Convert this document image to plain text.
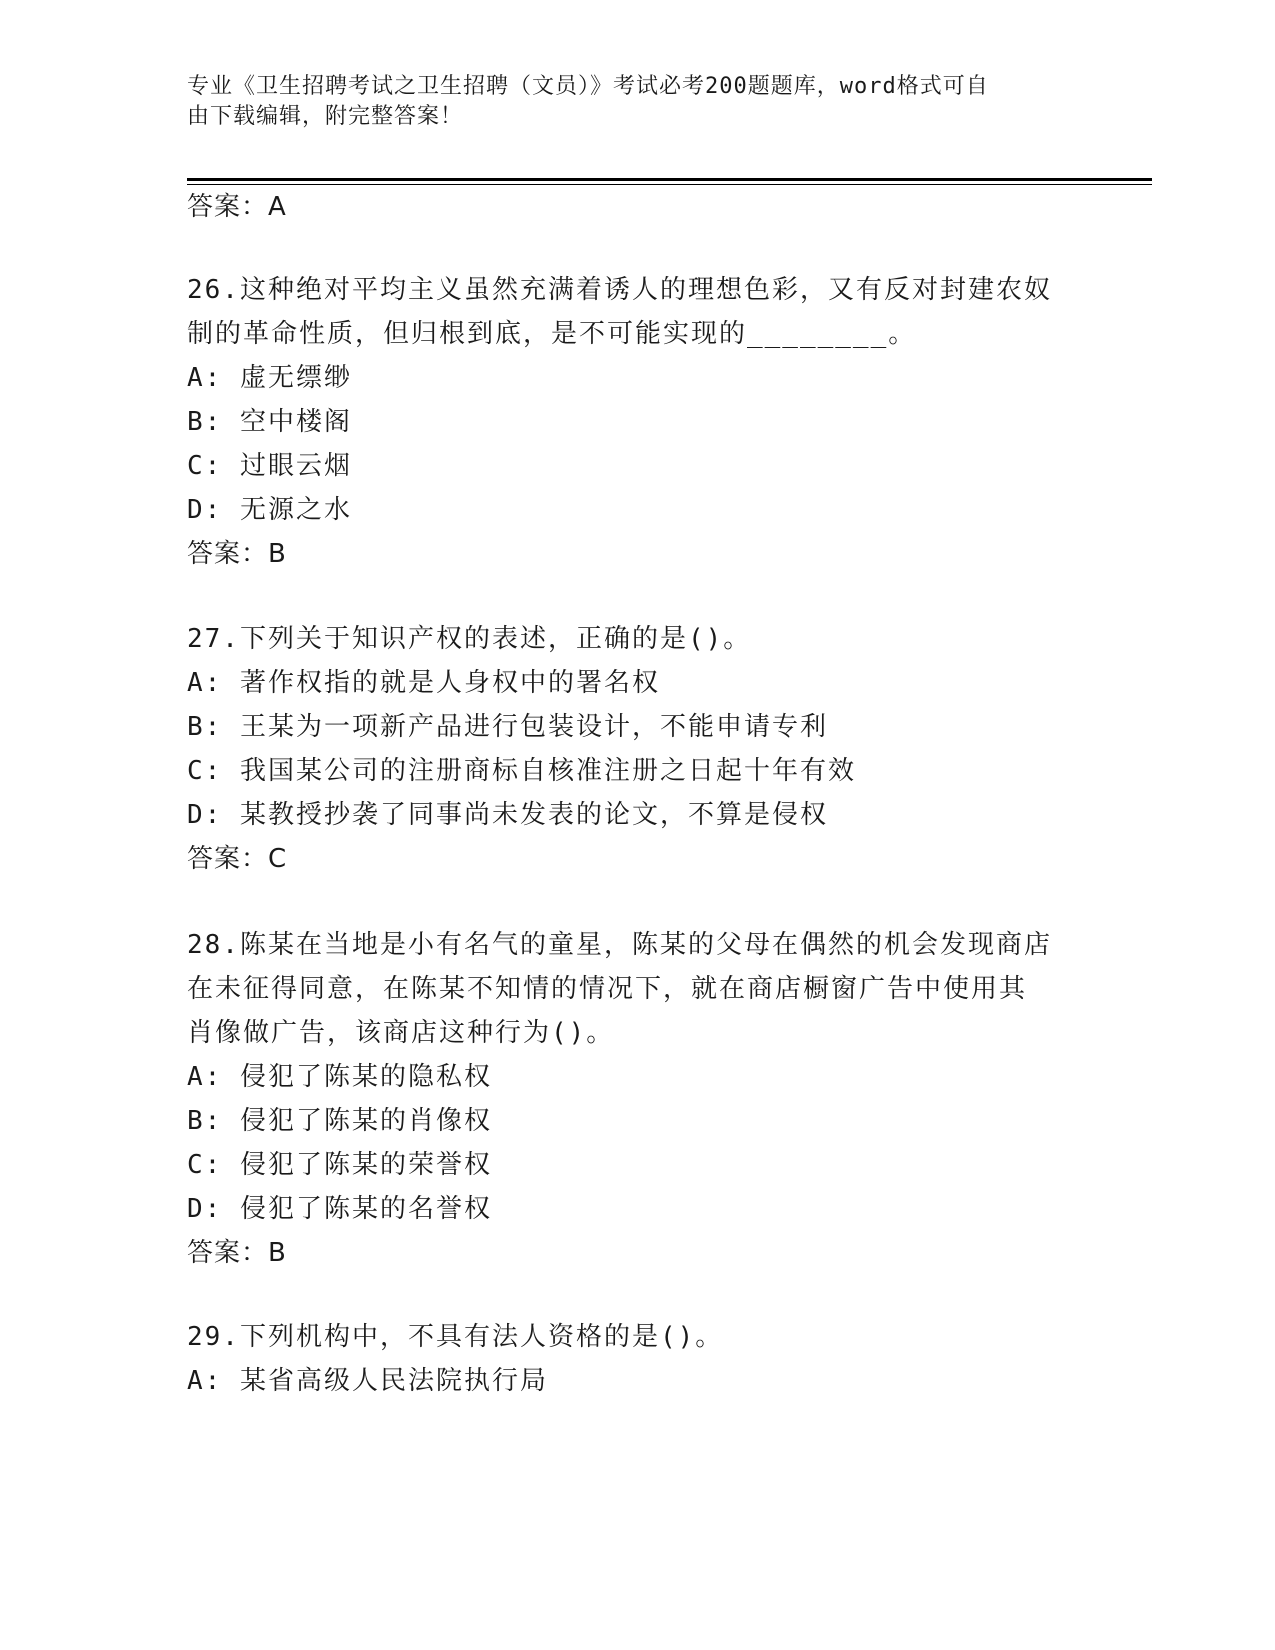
专业《卫生招聘考试之卫生招聘（文员）》考试必考200题题库，word格式可自
由下载编辑，附完整答案！
答案：A
26.这种绝对平均主义虽然充满着诱人的理想色彩，又有反对封建农奴
制的革命性质，但归根到底，是不可能实现的________。
A: 虚无缥缈
B: 空中楼阁
C: 过眼云烟
D: 无源之水
答案：B
27.下列关于知识产权的表述，正确的是()。
A: 著作权指的就是人身权中的署名权
B: 王某为一项新产品进行包装设计，不能申请专利
C: 我国某公司的注册商标自核准注册之日起十年有效
D: 某教授抄袭了同事尚未发表的论文，不算是侵权
答案：C
28.陈某在当地是小有名气的童星，陈某的父母在偶然的机会发现商店
在未征得同意，在陈某不知情的情况下，就在商店橱窗广告中使用其
肖像做广告，该商店这种行为()。
A: 侵犯了陈某的隐私权
B: 侵犯了陈某的肖像权
C: 侵犯了陈某的荣誉权
D: 侵犯了陈某的名誉权
答案：B
29.下列机构中，不具有法人资格的是()。
A: 某省高级人民法院执行局
